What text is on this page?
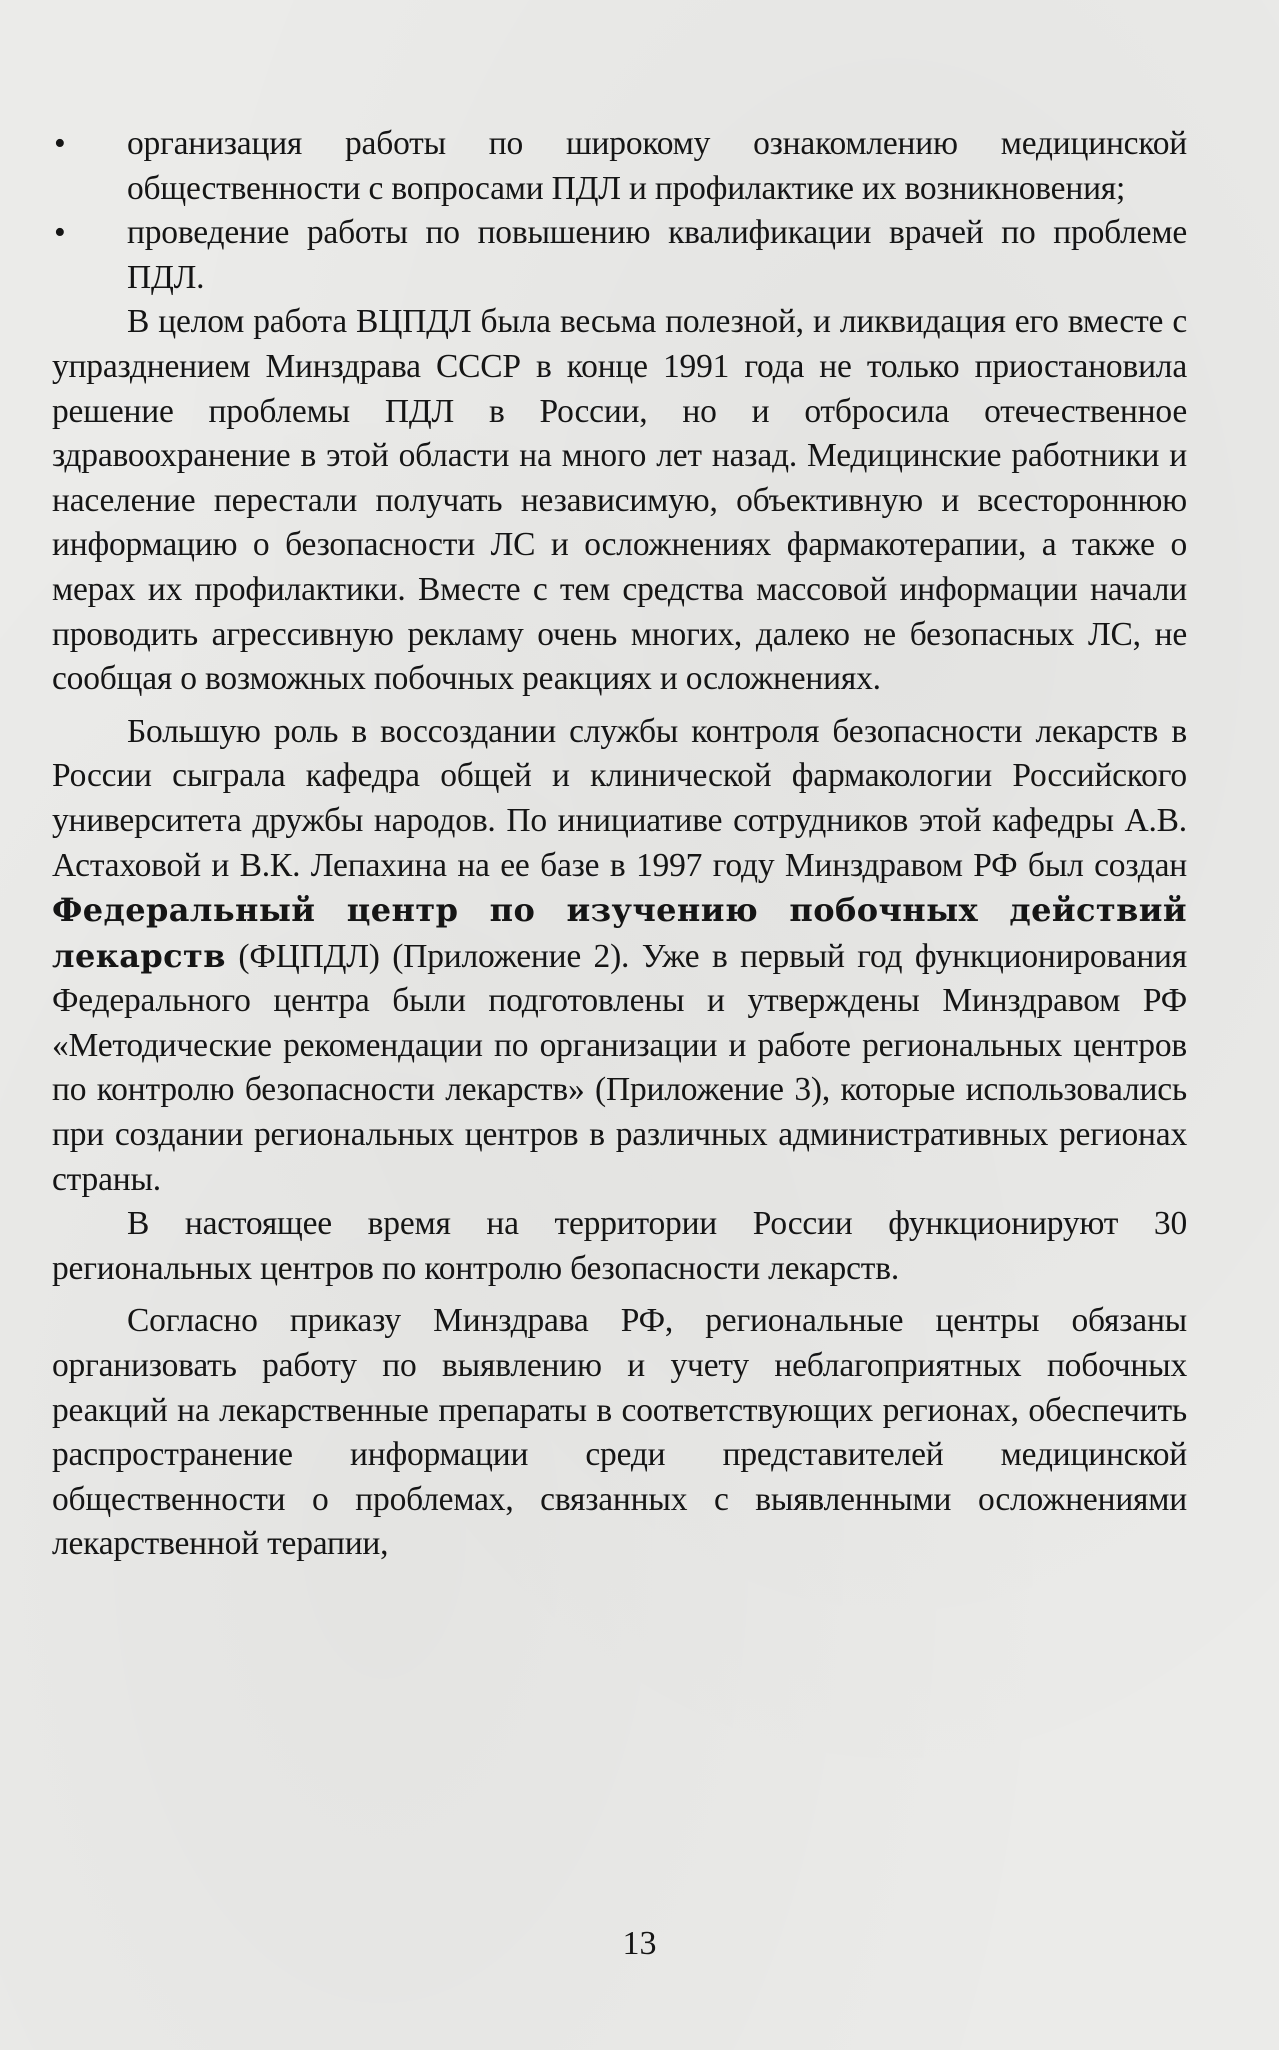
•	организация работы по широкому ознакомлению медицинской общественности с вопросами ПДЛ и профилактике их возникновения;
•	проведение работы по повышению квалификации врачей по проблеме ПДЛ.

В целом работа ВЦПДЛ была весьма полезной, и ликвидация его вместе с упразднением Минздрава СССР в конце 1991 года не только приостановила решение проблемы ПДЛ в России, но и отбросила отечественное здравоохранение в этой области на много лет назад. Медицинские работники и население перестали получать независимую, объективную и всестороннюю информацию о безопасности ЛС и осложнениях фармакотерапии, а также о мерах их профилактики. Вместе с тем средства массовой информации начали проводить агрессивную рекламу очень многих, далеко не безопасных ЛС, не сообщая о возможных побочных реакциях и осложнениях.

Большую роль в воссоздании службы контроля безопасности лекарств в России сыграла кафедра общей и клинической фармакологии Российского университета дружбы народов. По инициативе сотрудников этой кафедры А.В. Астаховой и В.К. Лепахина на ее базе в 1997 году Минздравом РФ был создан Федеральный центр по изучению побочных действий лекарств (ФЦПДЛ) (Приложение 2). Уже в первый год функционирования Федерального центра были подготовлены и утверждены Минздравом РФ «Методические рекомендации по организации и работе региональных центров по контролю безопасности лекарств» (Приложение 3), которые использовались при создании региональных центров в различных административных регионах страны.

В настоящее время на территории России функционируют 30 региональных центров по контролю безопасности лекарств.

Согласно приказу Минздрава РФ, региональные центры обязаны организовать работу по выявлению и учету неблагоприятных побочных реакций на лекарственные препараты в соответствующих регионах, обеспечить распространение информации среди представителей медицинской общественности о проблемах, связанных с выявленными осложнениями лекарственной терапии,

13
